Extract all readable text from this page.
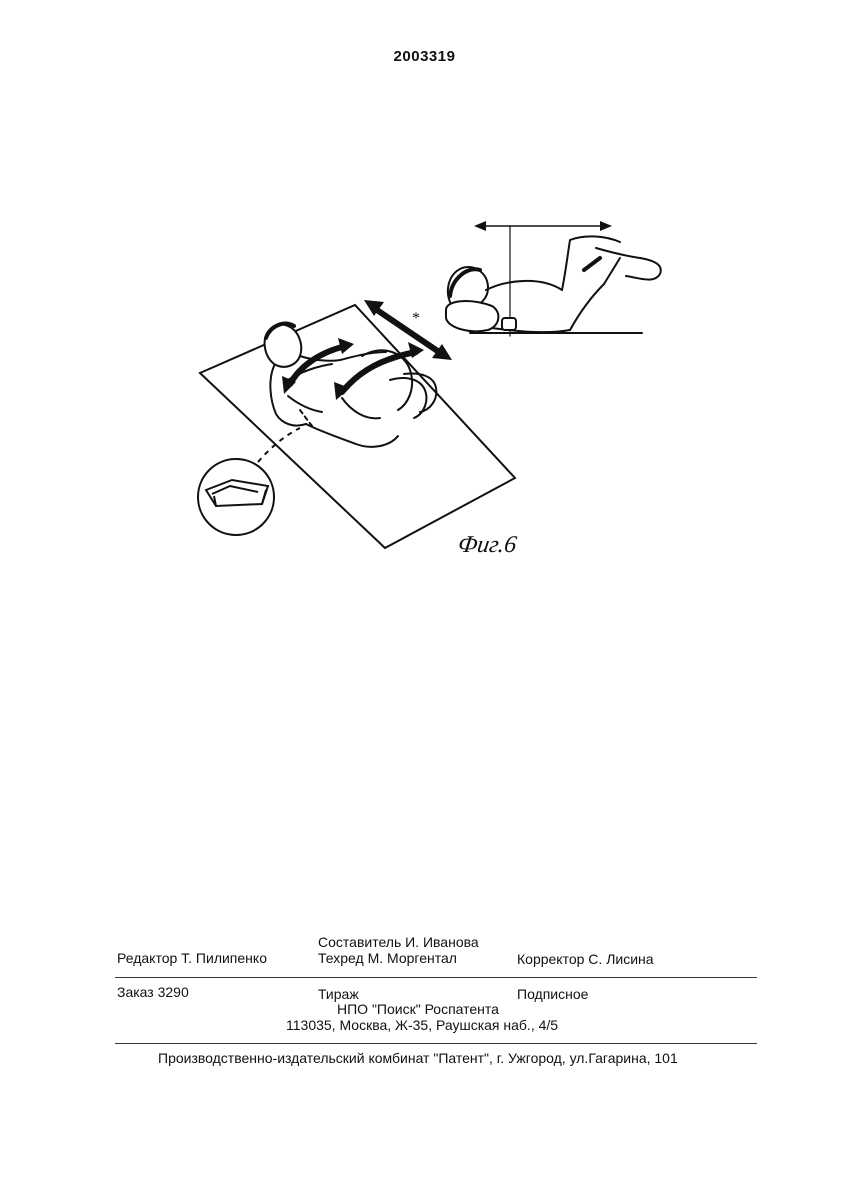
2003319
*
Фиг.6
Составитель И. Иванова
Редактор Т. Пилипенко	Техред М. Моргентал	Корректор С. Лисина
Заказ 3290	Тираж	Подписное
НПО "Поиск" Роспатента
113035, Москва, Ж-35, Раушская наб., 4/5
Производственно-издательский комбинат "Патент", г. Ужгород, ул.Гагарина, 101
